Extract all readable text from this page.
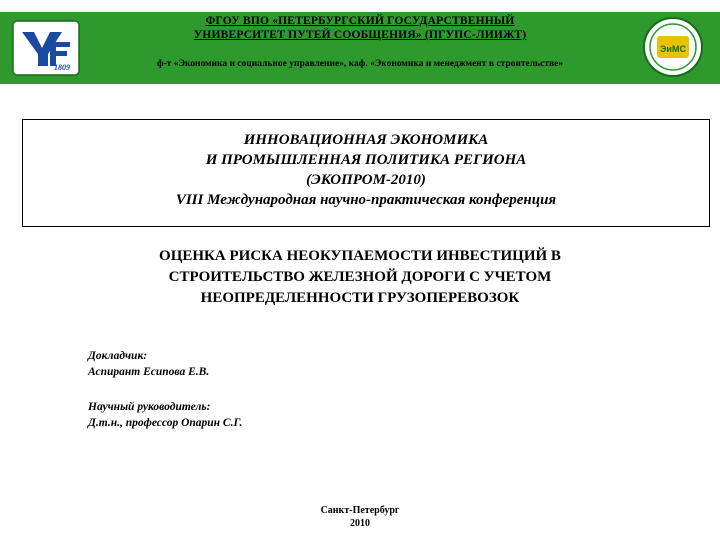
1809
ЭиМС
ФГОУ ВПО «ПЕТЕРБУРГСКИЙ ГОСУДАРСТВЕННЫЙ
УНИВЕРСИТЕТ ПУТЕЙ СООБЩЕНИЯ» (ПГУПС-ЛИИЖТ)
ф-т «Экономика и социальное управление», каф. «Экономика и менеджмент в строительстве»
ИННОВАЦИОННАЯ ЭКОНОМИКА
И ПРОМЫШЛЕННАЯ ПОЛИТИКА РЕГИОНА
(ЭКОПРОМ-2010)
VIII Международная научно-практическая конференция
ОЦЕНКА РИСКА НЕОКУПАЕМОСТИ ИНВЕСТИЦИЙ В
СТРОИТЕЛЬСТВО ЖЕЛЕЗНОЙ ДОРОГИ С УЧЕТОМ
НЕОПРЕДЕЛЕННОСТИ ГРУЗОПЕРЕВОЗОК
Докладчик:
Аспирант Есипова Е.В.
Научный руководитель:
Д.т.н., профессор Опарин С.Г.
Санкт-Петербург
2010
